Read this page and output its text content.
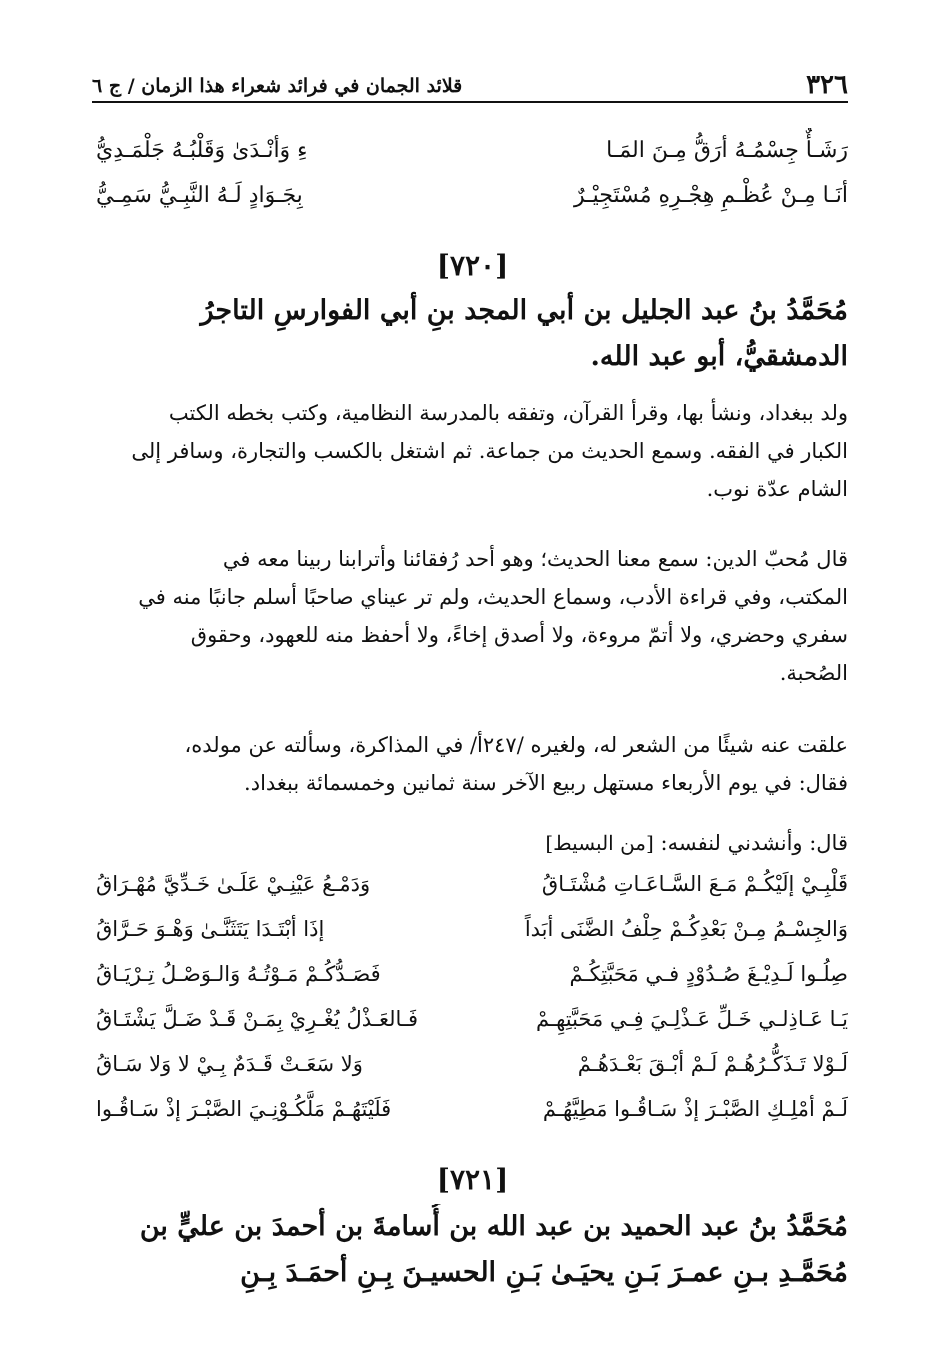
قلائد الجمان في فرائد شعراء هذا الزمان / ج ٦	٣٢٦
ءِ وَأنْـدَىٰ وَقَلْبُـهُ جَلْمَـدِيُّ	رَشَـأٌ جِسْمُـهُ أرَقُّ مِـنَ المَـا
بِجَـوَادٍ لَـهُ النَّبِـيُّ سَمِـيُّ	أنَـا مِـنْ عُظْـمِ هِجْـرِهِ مُسْتَجِيْـرٌ
[٧٢٠]
مُحَمَّدُ بنُ عبد الجليل بن أبي المجد بنِ أبي الفوارسِ التاجرُ
الدمشقيُّ، أبو عبد الله.
ولد ببغداد، ونشأ بها، وقرأ القرآن، وتفقه بالمدرسة النظامية، وكتب بخطه الكتب
الكبار في الفقه. وسمع الحديث من جماعة. ثم اشتغل بالكسب والتجارة، وسافر إلى
الشام عدّة نوب.
قال مُحبّ الدين: سمع معنا الحديث؛ وهو أحد رُفقائنا وأترابنا ربينا معه في
المكتب، وفي قراءة الأدب، وسماع الحديث، ولم تر عيناي صاحبًا أسلم جانبًا منه في
سفري وحضري، ولا أتمّ مروءة، ولا أصدق إخاءً، ولا أحفظ منه للعهود، وحقوق
الصُحبة.
علقت عنه شيئًا من الشعر له، ولغيره /٢٤٧أ/ في المذاكرة، وسألته عن مولده،
فقال: في يوم الأربعاء مستهل ربيع الآخر سنة ثمانين وخمسمائة ببغداد.
قال: وأنشدني لنفسه: [من البسيط]
وَدَمْـعُ عَيْنِـيْ عَلَـىٰ خَـدِّيَّ مُهْـرَاقُ	قَلْبِـيْ إلَيْكُـمْ مَـعَ السَّـاعَـاتِ مُشْتَـاقُ
إذَا أبْتَـدَا يَتَثَنَّـىٰ وَهْـوَ حَـرَّاقُ	وَالجِسْـمُ مِـنْ بَعْدِكُـمْ حِلْفُ الضَّنَى أبَداً
فَصَـدُّكُـمْ مَـوْتُـهُ وَالـوَصْـلُ تِـرْيَـاقُ	صِلُـوا لَـدِيْـغَ صُـدُوْدٍ فـي مَحَبَّتِكُـمْ
فَـالعَـذْلُ يُغْـرِيْ بِمَـنْ قَـدْ ضَـلَّ يَشْتَـاقُ	يَـا عَـاذِلـي خَـلِّ عَـذْلِـيَ فِـي مَحَبَّتِهِـمْ
وَلا سَعَـتْ قَـدَمٌ بِـيْ لا وَلا سَـاقُ	لَـوْلا تَـذَكُّـرُهُـمْ لَـمْ أبْـقَ بَعْـدَهُـمْ
فَلَيْتَهُـمْ مَلَّكُـوْنِـيَ الصَّبْـرَ إذْ سَـاقُـوا	لَـمْ أمْلِـكِ الصَّبْـرَ إذْ سَـاقُـوا مَطِيَّهُـمْ
[٧٢١]
مُحَمَّدُ بنُ عبد الحميد بن عبد الله بن أُسامةَ بن أحمدَ بن عليٍّ بن
مُحَمَّـدِ بـنِ عمـرَ بَـنِ يحيَـىٰ بَـنِ الحسيـنَ بِـنِ أحمَـدَ بِـنِ
